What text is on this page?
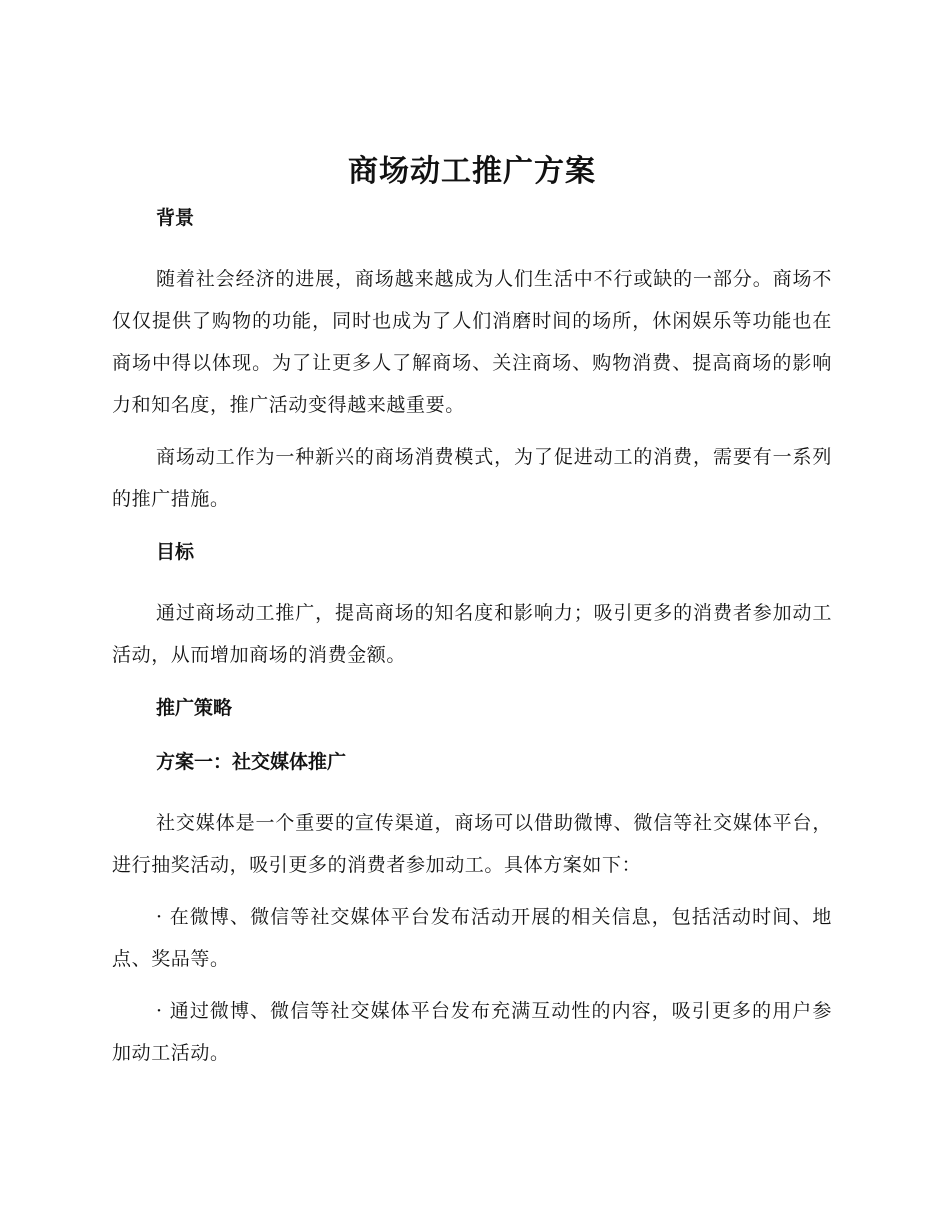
商场动工推广方案
背景

随着社会经济的进展，商场越来越成为人们生活中不行或缺的一部分。商场不仅仅提供了购物的功能，同时也成为了人们消磨时间的场所，休闲娱乐等功能也在商场中得以体现。为了让更多人了解商场、关注商场、购物消费、提高商场的影响力和知名度，推广活动变得越来越重要。

商场动工作为一种新兴的商场消费模式，为了促进动工的消费，需要有一系列的推广措施。

目标

通过商场动工推广，提高商场的知名度和影响力；吸引更多的消费者参加动工活动，从而增加商场的消费金额。

推广策略
方案一：社交媒体推广

社交媒体是一个重要的宣传渠道，商场可以借助微博、微信等社交媒体平台，进行抽奖活动，吸引更多的消费者参加动工。具体方案如下：

· 在微博、微信等社交媒体平台发布活动开展的相关信息，包括活动时间、地点、奖品等。

· 通过微博、微信等社交媒体平台发布充满互动性的内容，吸引更多的用户参加动工活动。
